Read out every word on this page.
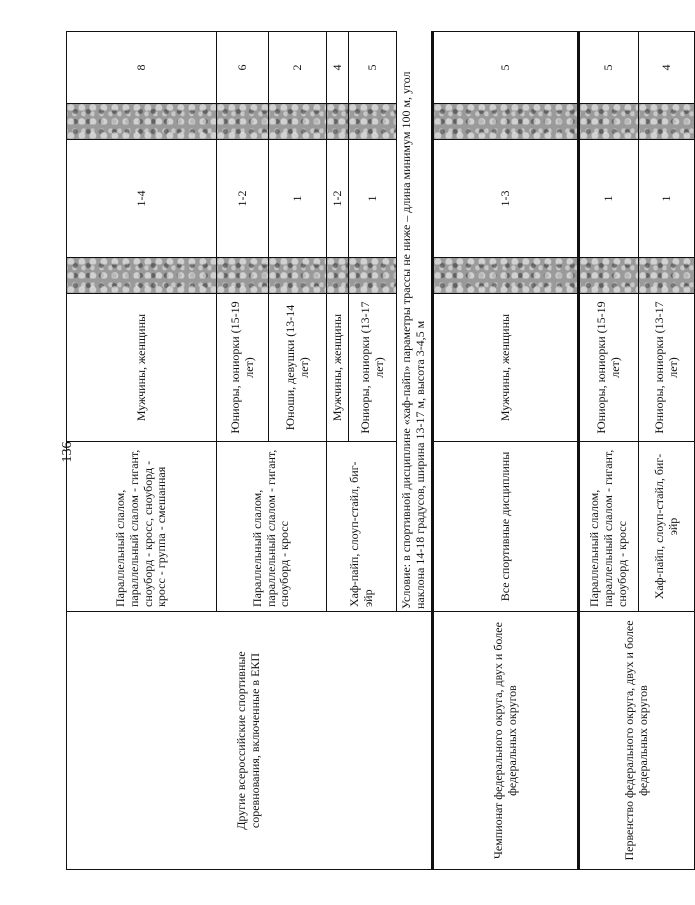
136
Другие всероссийские спортивные соревнования, включенные в ЕКП	Параллельный слалом, параллельный слалом - гигант, сноуборд - кросс, сноуборд - кросс - группа - смешанная	Мужчины, женщины		1-4		8
	Параллельный слалом, параллельный слалом - гигант, сноуборд - кросс	Юниоры, юниорки (15-19 лет)		1-2		6
		Юноши, девушки (13-14 лет)		1		2
	Хаф-пайп, слоуп-стайл, биг-эйр	Мужчины, женщины		1-2		4
		Юниоры, юниорки (13-17 лет)		1		5

	Условие: в спортивной дисциплине «хаф-пайп» параметры трассы не ниже – длина минимум 100 м, угол наклона 14-18 градусов, ширина 13-17 м, высота 3-4,5 м					

Чемпионат федерального округа, двух и более федеральных округов	Все спортивные дисциплины	Мужчины, женщины		1-3		5
Первенство федерального округа, двух и более федеральных округов	Параллельный слалом, параллельный слалом - гигант, сноуборд - кросс	Юниоры, юниорки (15-19 лет)		1		5
	Хаф-пайп, слоуп-стайл, биг-эйр	Юниоры, юниорки (13-17 лет)		1		4
